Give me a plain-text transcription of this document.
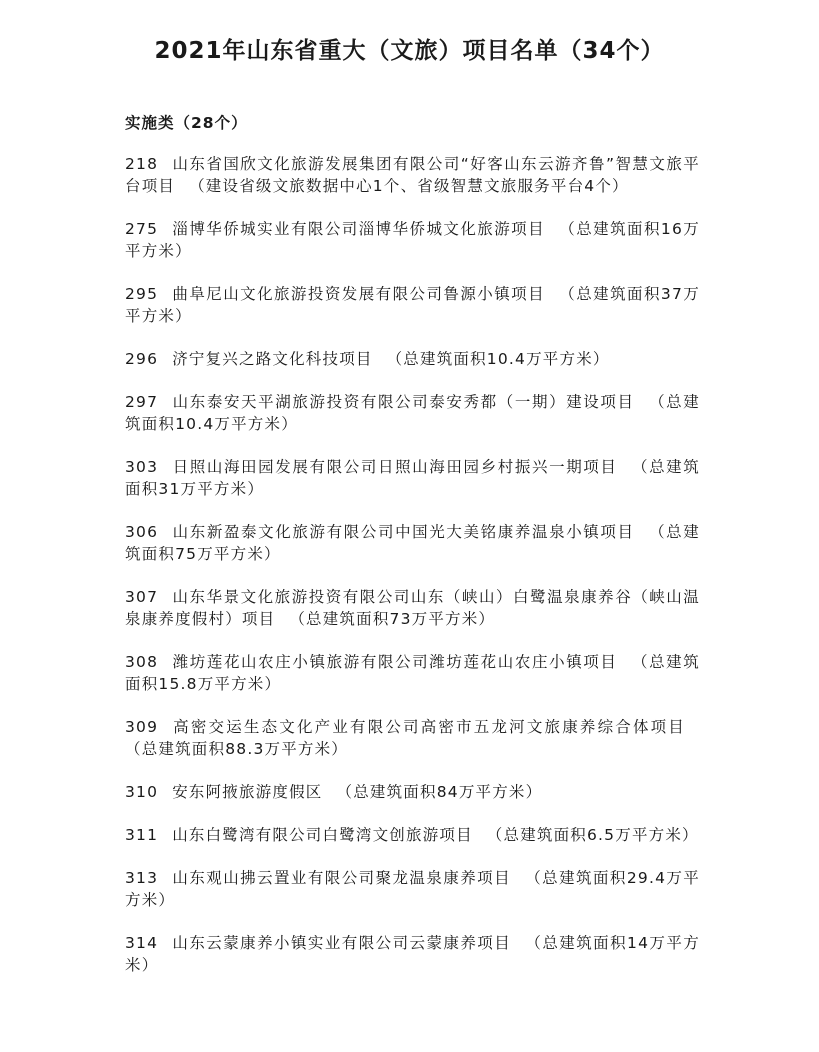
2021年山东省重大（文旅）项目名单（34个）
实施类（28个）
218 山东省国欣文化旅游发展集团有限公司“好客山东云游齐鲁”智慧文旅平台项目 （建设省级文旅数据中心1个、省级智慧文旅服务平台4个）
275 淄博华侨城实业有限公司淄博华侨城文化旅游项目 （总建筑面积16万平方米）
295 曲阜尼山文化旅游投资发展有限公司鲁源小镇项目 （总建筑面积37万平方米）
296 济宁复兴之路文化科技项目 （总建筑面积10.4万平方米）
297 山东泰安天平湖旅游投资有限公司泰安秀都（一期）建设项目 （总建筑面积10.4万平方米）
303 日照山海田园发展有限公司日照山海田园乡村振兴一期项目 （总建筑面积31万平方米）
306 山东新盈泰文化旅游有限公司中国光大美铭康养温泉小镇项目 （总建筑面积75万平方米）
307 山东华景文化旅游投资有限公司山东（峡山）白鹭温泉康养谷（峡山温泉康养度假村）项目 （总建筑面积73万平方米）
308 潍坊莲花山农庄小镇旅游有限公司潍坊莲花山农庄小镇项目 （总建筑面积15.8万平方米）
309 高密交运生态文化产业有限公司高密市五龙河文旅康养综合体项目（总建筑面积88.3万平方米）
310 安东阿掖旅游度假区 （总建筑面积84万平方米）
311 山东白鹭湾有限公司白鹭湾文创旅游项目 （总建筑面积6.5万平方米）
313 山东观山拂云置业有限公司聚龙温泉康养项目 （总建筑面积29.4万平方米）
314 山东云蒙康养小镇实业有限公司云蒙康养项目 （总建筑面积14万平方米）
